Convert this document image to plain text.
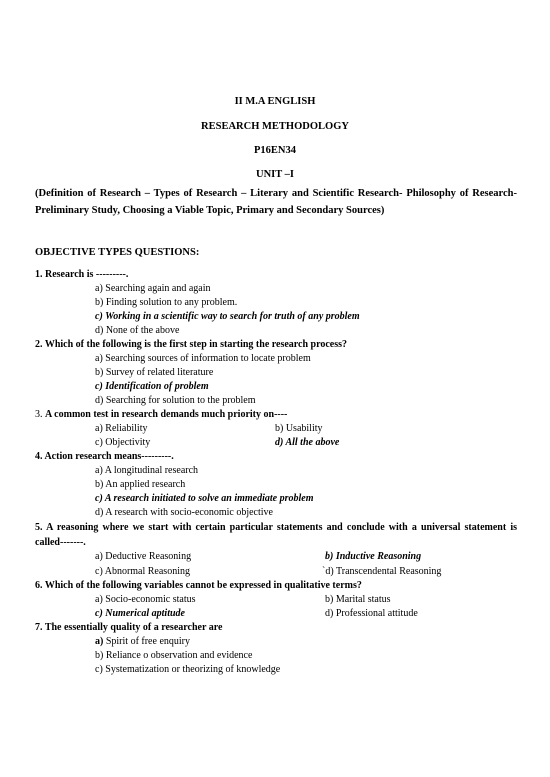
II M.A ENGLISH
RESEARCH METHODOLOGY
P16EN34
UNIT –I
(Definition of Research – Types of Research – Literary and Scientific Research- Philosophy of Research- Preliminary Study, Choosing a Viable Topic, Primary and Secondary Sources)
OBJECTIVE TYPES QUESTIONS:
1. Research is ---------.
a) Searching again and again
b) Finding solution to any problem.
c) Working in a scientific way to search for truth of any problem
d) None of the above
2. Which of the following is the first step in starting the research process?
a) Searching sources of information to locate problem
b) Survey of related literature
c) Identification of problem
d) Searching for solution to the problem
3. A common test in research demands much priority on----
a) Reliability	b) Usability
c) Objectivity	d) All the above
4. Action research means---------.
a) A longitudinal research
b) An applied research
c) A research initiated to solve an immediate problem
d) A research with socio-economic objective
5. A reasoning where we start with certain particular statements and conclude with a universal statement is called-------.
a) Deductive Reasoning	b) Inductive Reasoning
c) Abnormal Reasoning	`d) Transcendental Reasoning
6. Which of the following variables cannot be expressed in qualitative terms?
a) Socio-economic status	b) Marital status
c) Numerical aptitude	d) Professional attitude
7. The essentially quality of a researcher are
a) Spirit of free enquiry
b) Reliance o observation and evidence
c) Systematization or theorizing of knowledge
